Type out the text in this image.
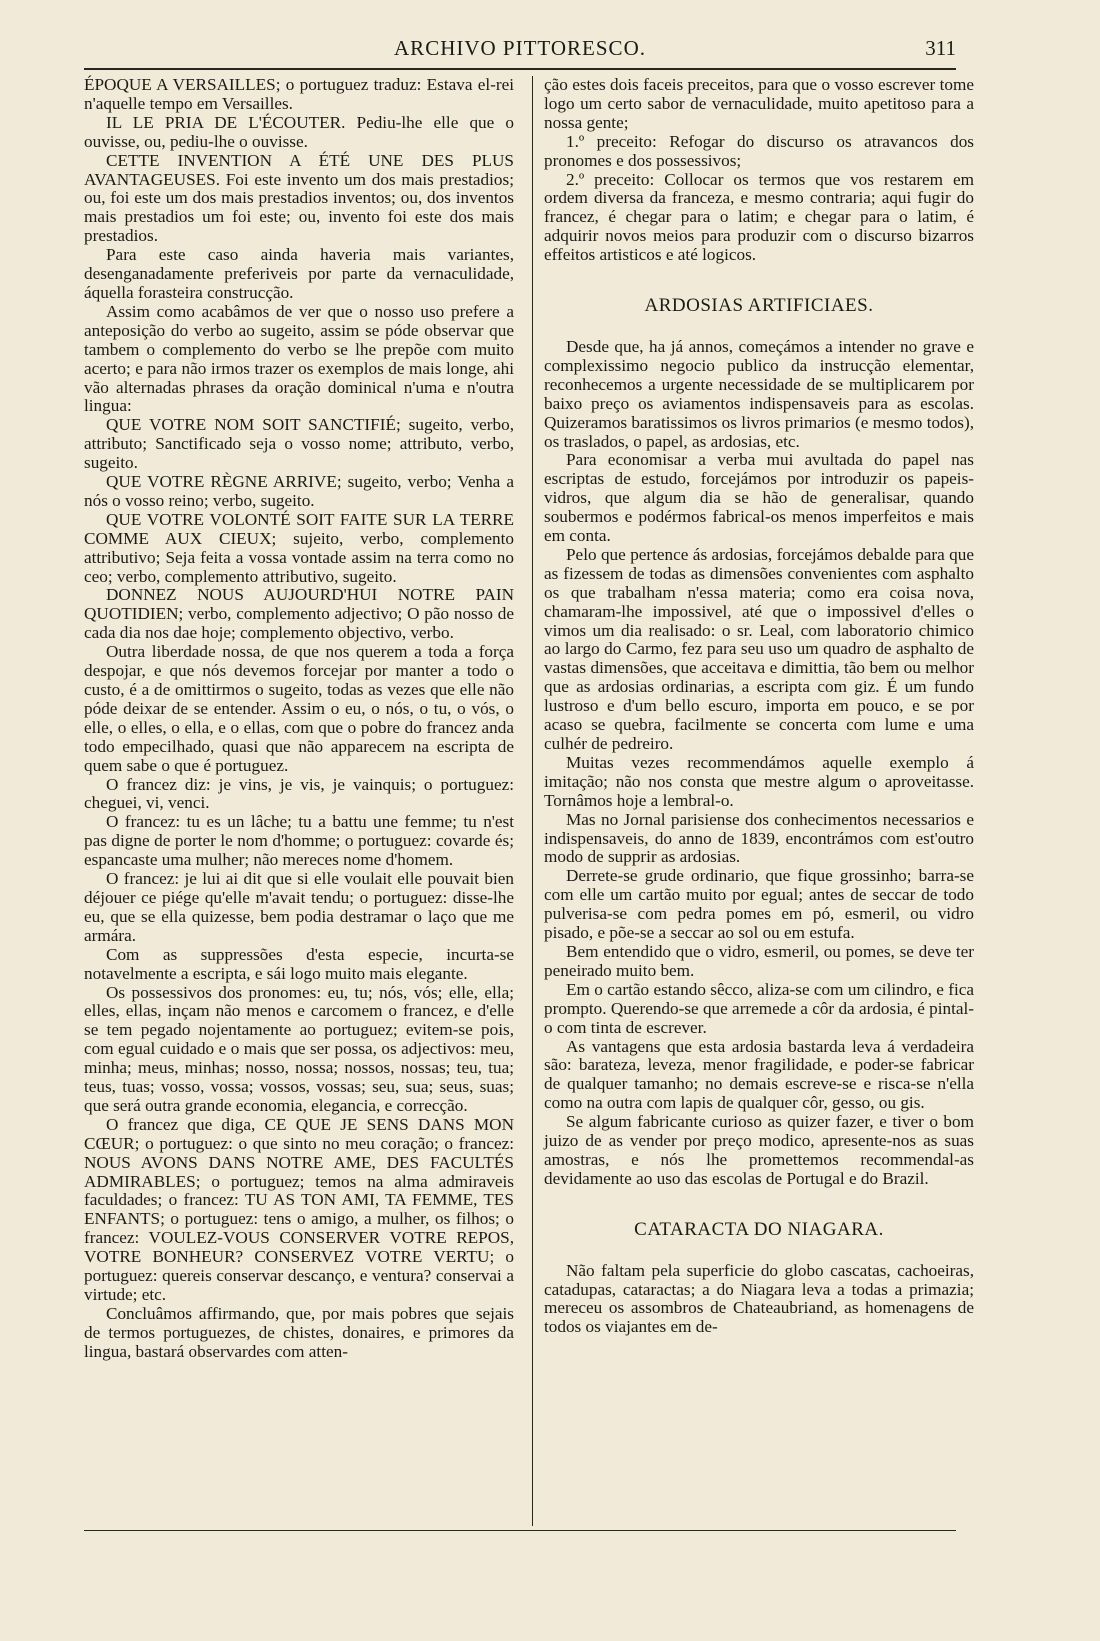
ARCHIVO PITTORESCO.	311

ÉPOQUE A VERSAILLES; o portuguez traduz: Estava el-rei n'aquelle tempo em Versailles.

IL LE PRIA DE L'ÉCOUTER. Pediu-lhe elle que o ouvisse, ou, pediu-lhe o ouvisse.

CETTE INVENTION A ÉTÉ UNE DES PLUS AVANTAGEUSES. Foi este invento um dos mais prestadios; ou, foi este um dos mais prestadios inventos; ou, dos inventos mais prestadios um foi este; ou, invento foi este dos mais prestadios.

Para este caso ainda haveria mais variantes, desenganadamente preferiveis por parte da vernaculidade, áquella forasteira construcção.

Assim como acabâmos de ver que o nosso uso prefere a anteposição do verbo ao sugeito, assim se póde observar que tambem o complemento do verbo se lhe prepõe com muito acerto; e para não irmos trazer os exemplos de mais longe, ahi vão alternadas phrases da oração dominical n'uma e n'outra lingua:

QUE VOTRE NOM SOIT SANCTIFIÉ; sugeito, verbo, attributo; Sanctificado seja o vosso nome; attributo, verbo, sugeito.

QUE VOTRE RÈGNE ARRIVE; sugeito, verbo; Venha a nós o vosso reino; verbo, sugeito.

QUE VOTRE VOLONTÉ SOIT FAITE SUR LA TERRE COMME AUX CIEUX; sujeito, verbo, complemento attributivo; Seja feita a vossa vontade assim na terra como no ceo; verbo, complemento attributivo, sugeito.

DONNEZ NOUS AUJOURD'HUI NOTRE PAIN QUOTIDIEN; verbo, complemento adjectivo; O pão nosso de cada dia nos dae hoje; complemento objectivo, verbo.

Outra liberdade nossa, de que nos querem a toda a força despojar, e que nós devemos forcejar por manter a todo o custo, é a de omittirmos o sugeito, todas as vezes que elle não póde deixar de se entender. Assim o eu, o nós, o tu, o vós, o elle, o elles, o ella, e o ellas, com que o pobre do francez anda todo empecilhado, quasi que não apparecem na escripta de quem sabe o que é portuguez.

O francez diz: je vins, je vis, je vainquis; o portuguez: cheguei, vi, venci.

O francez: tu es un lâche; tu a battu une femme; tu n'est pas digne de porter le nom d'homme; o portuguez: covarde és; espancaste uma mulher; não mereces nome d'homem.

O francez: je lui ai dit que si elle voulait elle pouvait bien déjouer ce piége qu'elle m'avait tendu; o portuguez: disse-lhe eu, que se ella quizesse, bem podia destramar o laço que me armára.

Com as suppressões d'esta especie, incurta-se notavelmente a escripta, e sái logo muito mais elegante.

Os possessivos dos pronomes: eu, tu; nós, vós; elle, ella; elles, ellas, inçam não menos e carcomem o francez, e d'elle se tem pegado nojentamente ao portuguez; evitem-se pois, com egual cuidado e o mais que ser possa, os adjectivos: meu, minha; meus, minhas; nosso, nossa; nossos, nossas; teu, tua; teus, tuas; vosso, vossa; vossos, vossas; seu, sua; seus, suas; que será outra grande economia, elegancia, e correcção.

O francez que diga, CE QUE JE SENS DANS MON CŒUR; o portuguez: o que sinto no meu coração; o francez: NOUS AVONS DANS NOTRE AME, DES FACULTÉS ADMIRABLES; o portuguez; temos na alma admiraveis faculdades; o francez: TU AS TON AMI, TA FEMME, TES ENFANTS; o portuguez: tens o amigo, a mulher, os filhos; o francez: VOULEZ-VOUS CONSERVER VOTRE REPOS, VOTRE BONHEUR? CONSERVEZ VOTRE VERTU; o portuguez: quereis conservar descanço, e ventura? conservai a virtude; etc.

Concluâmos affirmando, que, por mais pobres que sejais de termos portuguezes, de chistes, donaires, e primores da lingua, bastará observardes com atten-

ção estes dois faceis preceitos, para que o vosso escrever tome logo um certo sabor de vernaculidade, muito apetitoso para a nossa gente;

1.º preceito: Refogar do discurso os atravancos dos pronomes e dos possessivos;

2.º preceito: Collocar os termos que vos restarem em ordem diversa da franceza, e mesmo contraria; aqui fugir do francez, é chegar para o latim; e chegar para o latim, é adquirir novos meios para produzir com o discurso bizarros effeitos artisticos e até logicos.

ARDOSIAS ARTIFICIAES.

Desde que, ha já annos, começámos a intender no grave e complexissimo negocio publico da instrucção elementar, reconhecemos a urgente necessidade de se multiplicarem por baixo preço os aviamentos indispensaveis para as escolas. Quizeramos baratissimos os livros primarios (e mesmo todos), os traslados, o papel, as ardosias, etc.

Para economisar a verba mui avultada do papel nas escriptas de estudo, forcejámos por introduzir os papeis-vidros, que algum dia se hão de generalisar, quando soubermos e podérmos fabrical-os menos imperfeitos e mais em conta.

Pelo que pertence ás ardosias, forcejámos debalde para que as fizessem de todas as dimensões convenientes com asphalto os que trabalham n'essa materia; como era coisa nova, chamaram-lhe impossivel, até que o impossivel d'elles o vimos um dia realisado: o sr. Leal, com laboratorio chimico ao largo do Carmo, fez para seu uso um quadro de asphalto de vastas dimensões, que acceitava e dimittia, tão bem ou melhor que as ardosias ordinarias, a escripta com giz. É um fundo lustroso e d'um bello escuro, importa em pouco, e se por acaso se quebra, facilmente se concerta com lume e uma culhér de pedreiro.

Muitas vezes recommendámos aquelle exemplo á imitação; não nos consta que mestre algum o aproveitasse. Tornâmos hoje a lembral-o.

Mas no Jornal parisiense dos conhecimentos necessarios e indispensaveis, do anno de 1839, encontrámos com est'outro modo de supprir as ardosias.

Derrete-se grude ordinario, que fique grossinho; barra-se com elle um cartão muito por egual; antes de seccar de todo pulverisa-se com pedra pomes em pó, esmeril, ou vidro pisado, e põe-se a seccar ao sol ou em estufa.

Bem entendido que o vidro, esmeril, ou pomes, se deve ter peneirado muito bem.

Em o cartão estando sêcco, aliza-se com um cilindro, e fica prompto. Querendo-se que arremede a côr da ardosia, é pintal-o com tinta de escrever.

As vantagens que esta ardosia bastarda leva á verdadeira são: barateza, leveza, menor fragilidade, e poder-se fabricar de qualquer tamanho; no demais escreve-se e risca-se n'ella como na outra com lapis de qualquer côr, gesso, ou gis.

Se algum fabricante curioso as quizer fazer, e tiver o bom juizo de as vender por preço modico, apresente-nos as suas amostras, e nós lhe promettemos recommendal-as devidamente ao uso das escolas de Portugal e do Brazil.

CATARACTA DO NIAGARA.

Não faltam pela superficie do globo cascatas, cachoeiras, catadupas, cataractas; a do Niagara leva a todas a primazia; mereceu os assombros de Chateaubriand, as homenagens de todos os viajantes em de-
